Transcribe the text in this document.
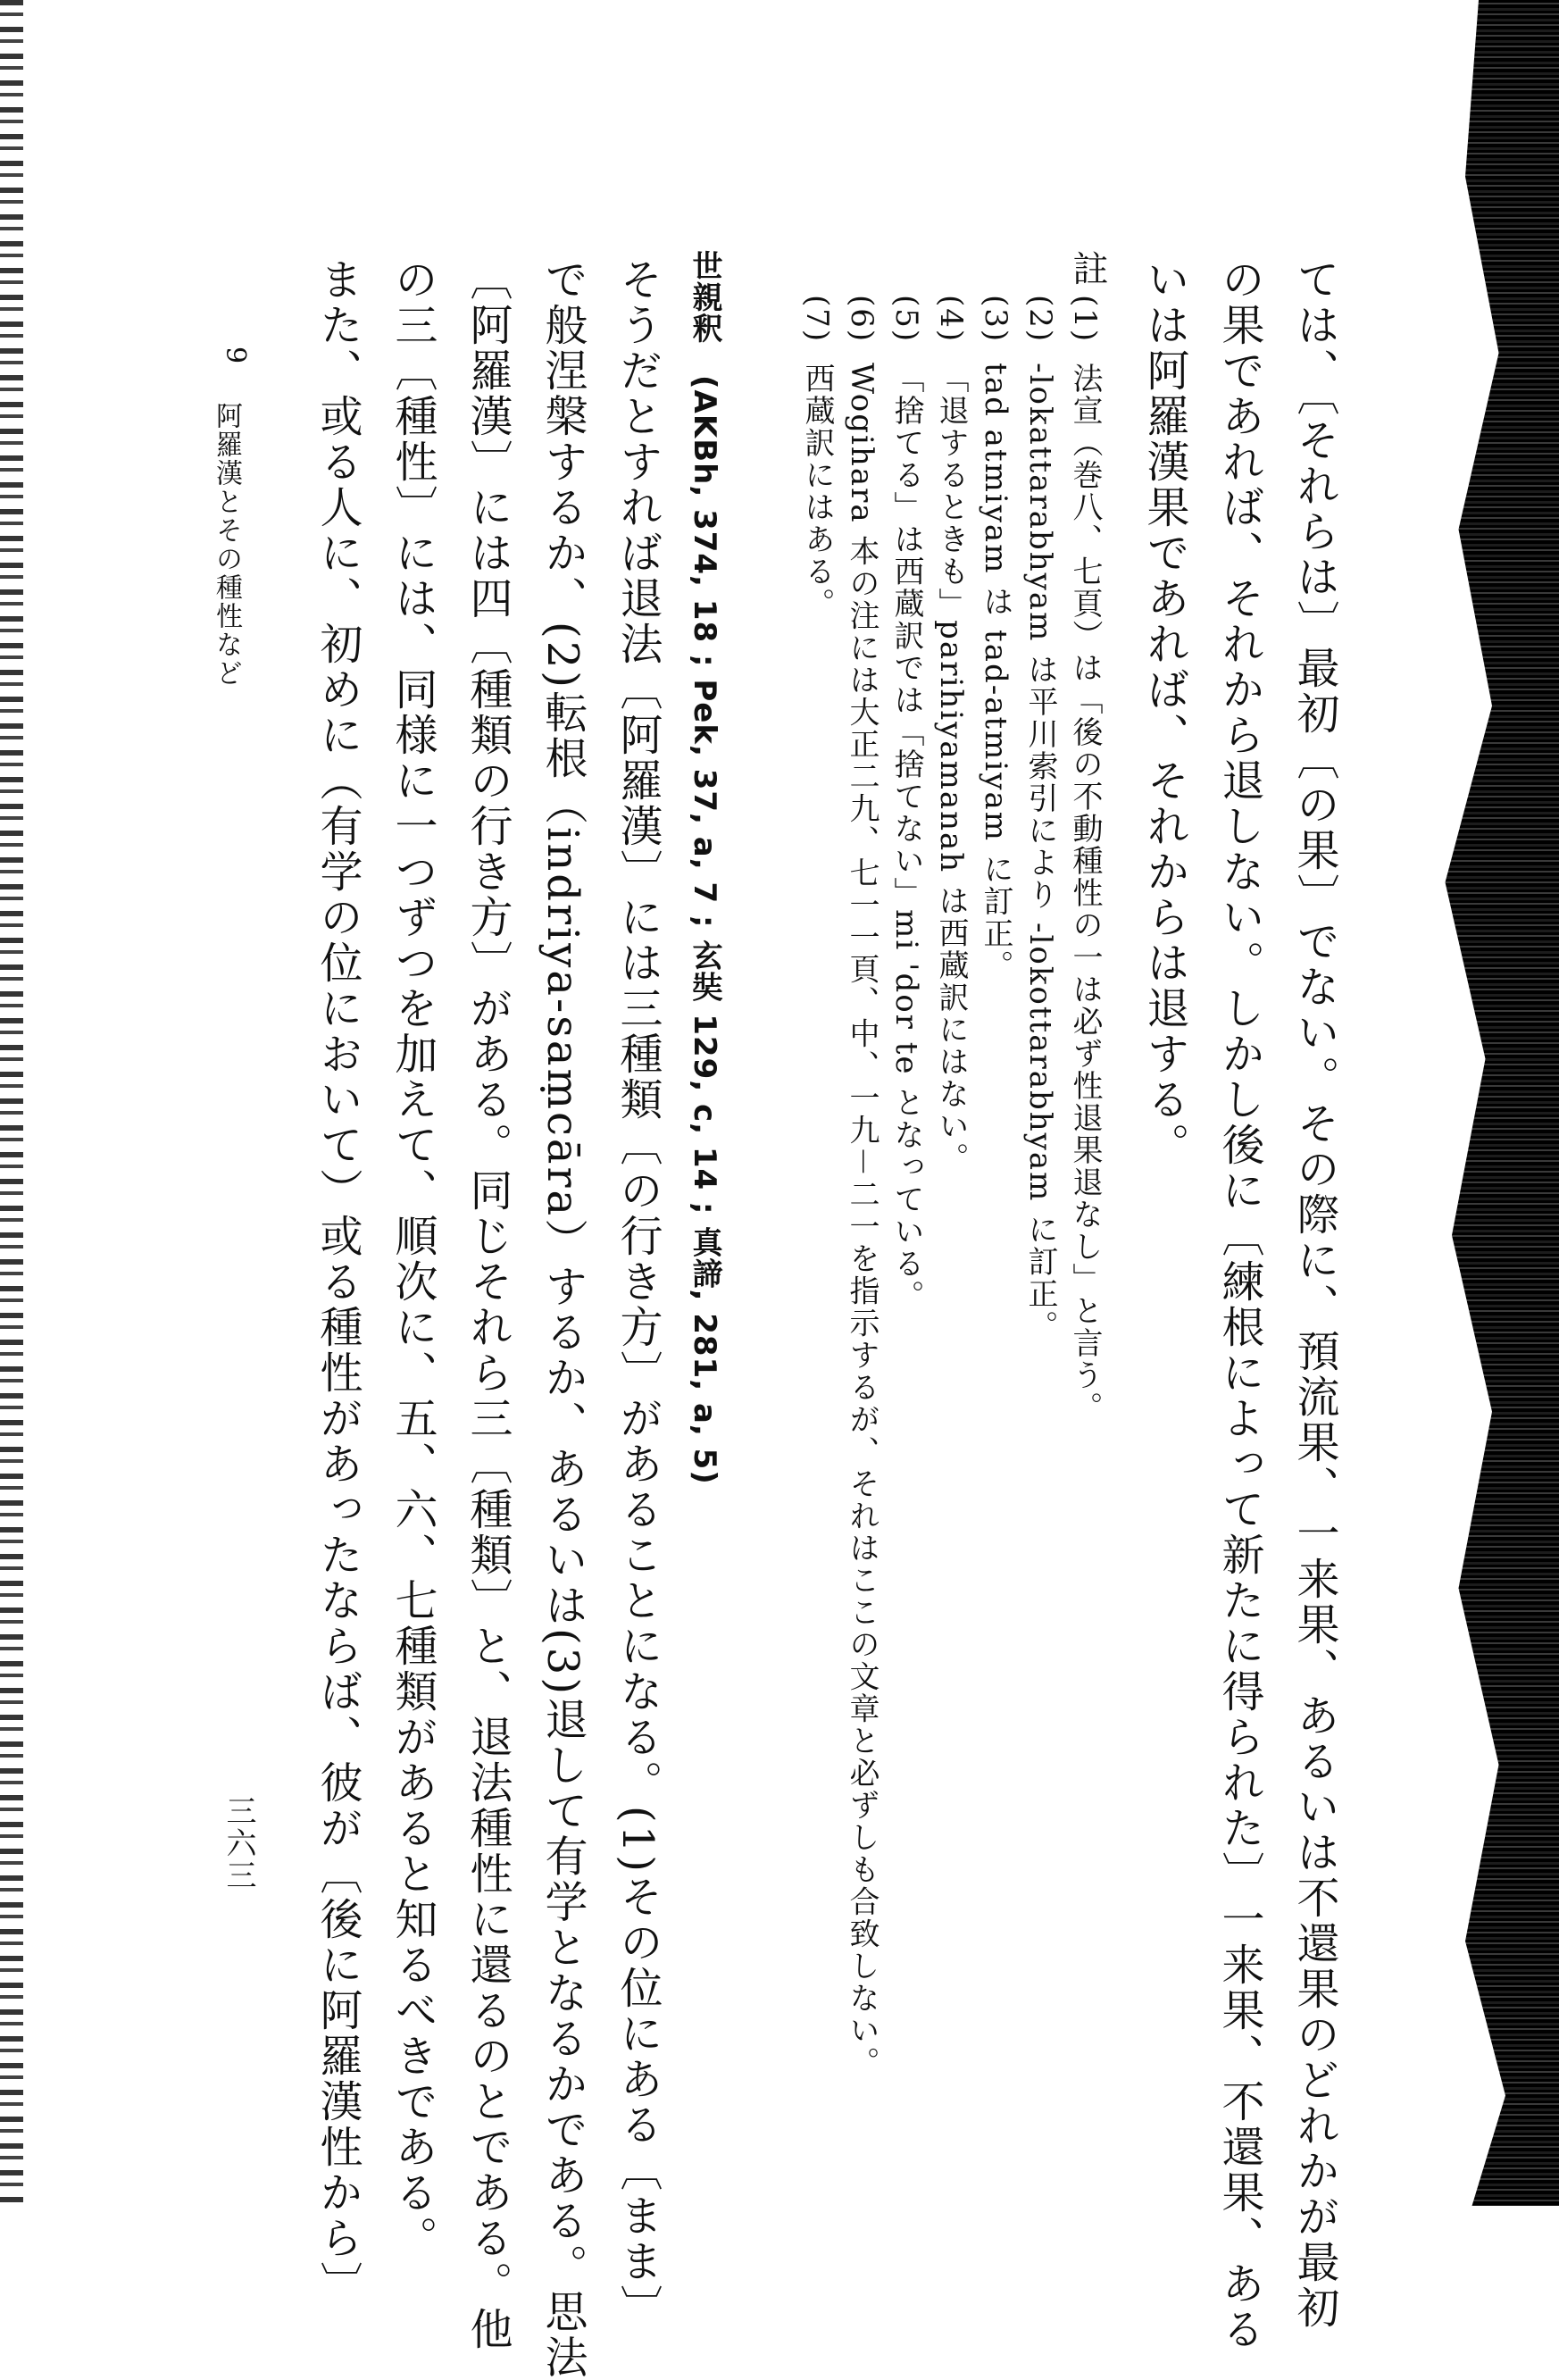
ては、〔それらは〕最初〔の果〕でない。その際に、預流果、一来果、あるいは不還果のどれかが最初

の果であれば、それから退しない。しかし後に〔練根によって新たに得られた〕一来果、不還果、ある

いは阿羅漢果であれば、それからは退する。

註
(1)法宣（巻八、七頁）は「後の不動種性の一は必ず性退果退なし」と言う。
(2)-lokattarabhyam は平川索引により -lokottarabhyam に訂正。
(3)tad atmiyam は tad-atmiyam に訂正。
(4)「退するときも」parihiyamanah は西蔵訳にはない。
(5)「捨てる」は西蔵訳では「捨てない」mi 'dor te となっている。
(6)Wogihara 本の注には大正二九、七一一頁、中、一九－二一を指示するが、それはここの文章と必ずしも合致しない。
(7)西蔵訳にはある。
世親釈　(AKBh, 374, 18 ; Pek, 37, a, 7 ; 玄奘 129, c, 14 ; 真諦, 281, a, 5)

そうだとすれば退法〔阿羅漢〕には三種類〔の行き方〕があることになる。(1)その位にある〔まま〕

で般涅槃するか、(2)転根（indriya-saṃcāra）するか、あるいは(3)退して有学となるかである。思法

〔阿羅漢〕には四〔種類の行き方〕がある。同じそれら三〔種類〕と、退法種性に還るのとである。他

の三〔種性〕には、同様に一つずつを加えて、順次に、五、六、七種類があると知るべきである。

また、或る人に、初めに（有学の位において）或る種性があったならば、彼が〔後に阿羅漢性から〕

9
阿羅漢とその種性など
三六三
